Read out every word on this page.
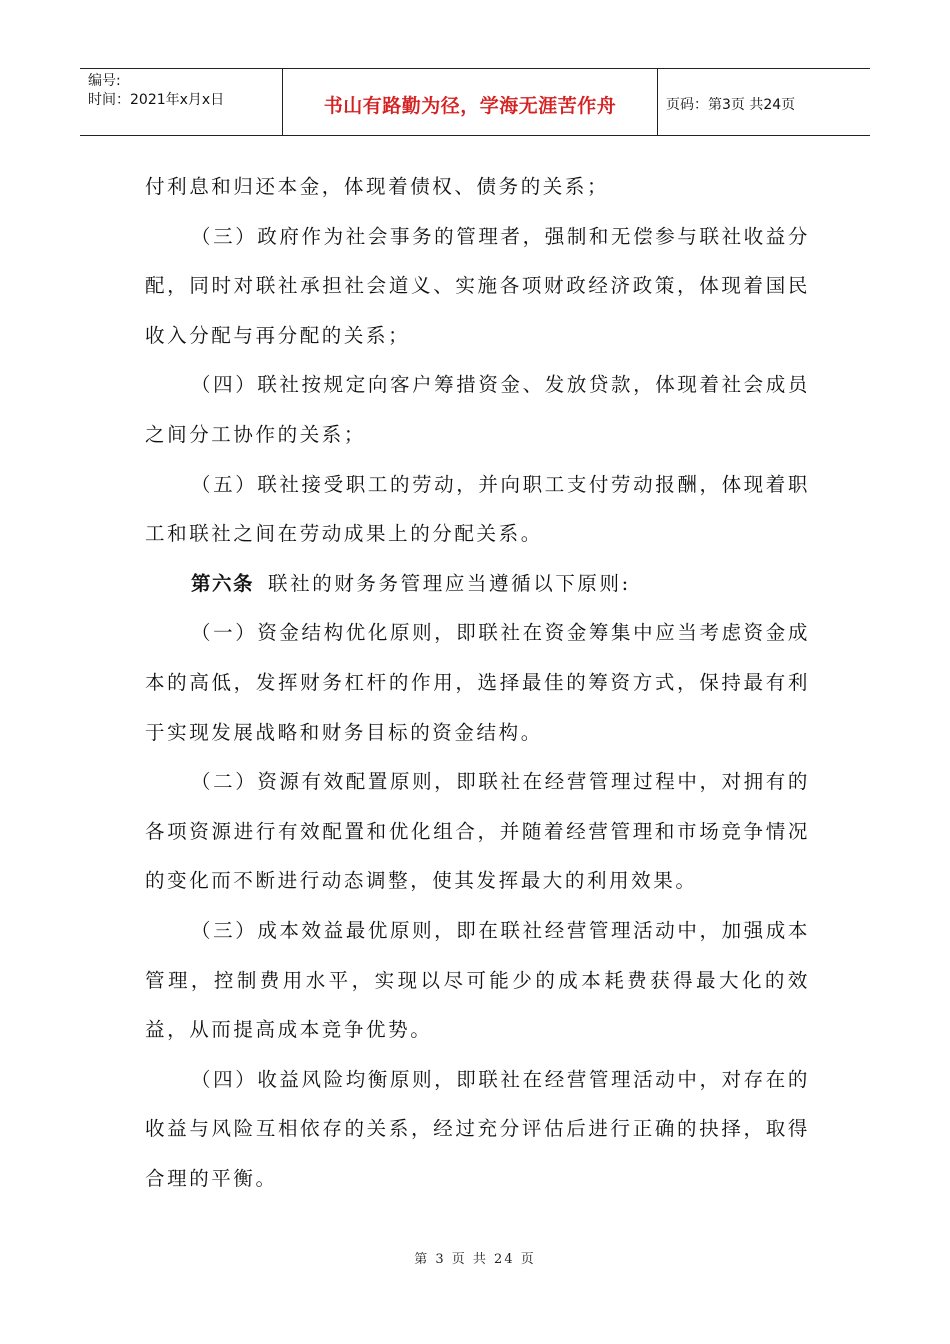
编号:
时间：2021年x月x日	书山有路勤为径，学海无涯苦作舟	页码：第3页 共24页

付利息和归还本金，体现着债权、债务的关系；

（三）政府作为社会事务的管理者，强制和无偿参与联社收益分配，同时对联社承担社会道义、实施各项财政经济政策，体现着国民收入分配与再分配的关系；

（四）联社按规定向客户筹措资金、发放贷款，体现着社会成员之间分工协作的关系；

（五）联社接受职工的劳动，并向职工支付劳动报酬，体现着职工和联社之间在劳动成果上的分配关系。

第六条 联社的财务务管理应当遵循以下原则:

（一）资金结构优化原则，即联社在资金筹集中应当考虑资金成本的高低，发挥财务杠杆的作用，选择最佳的筹资方式，保持最有利于实现发展战略和财务目标的资金结构。

（二）资源有效配置原则，即联社在经营管理过程中，对拥有的各项资源进行有效配置和优化组合，并随着经营管理和市场竞争情况的变化而不断进行动态调整，使其发挥最大的利用效果。

（三）成本效益最优原则，即在联社经营管理活动中，加强成本管理，控制费用水平，实现以尽可能少的成本耗费获得最大化的效益，从而提高成本竞争优势。

（四）收益风险均衡原则，即联社在经营管理活动中，对存在的收益与风险互相依存的关系，经过充分评估后进行正确的抉择，取得合理的平衡。

第 3 页 共 24 页
